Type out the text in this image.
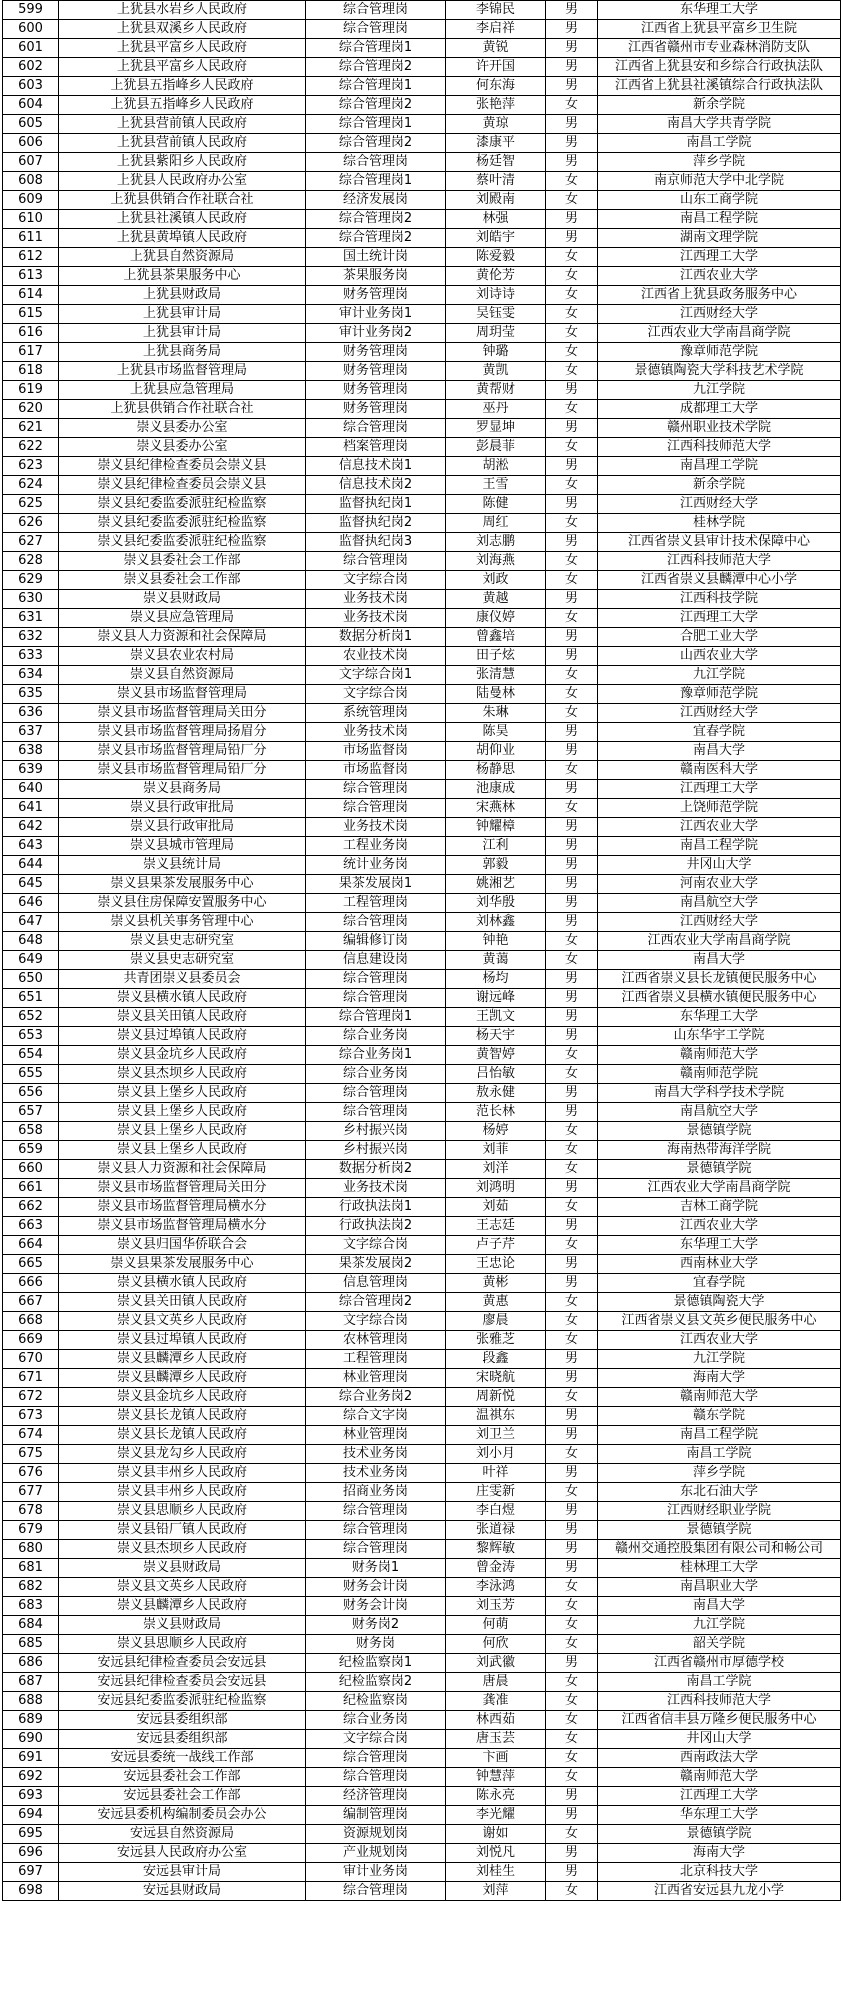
599	上犹县水岩乡人民政府	综合管理岗	李锦民	男	东华理工大学
600	上犹县双溪乡人民政府	综合管理岗	李启祥	男	江西省上犹县平富乡卫生院
601	上犹县平富乡人民政府	综合管理岗1	黄锐	男	江西省赣州市专业森林消防支队
602	上犹县平富乡人民政府	综合管理岗2	许开国	男	江西省上犹县安和乡综合行政执法队
603	上犹县五指峰乡人民政府	综合管理岗1	何东海	男	江西省上犹县社溪镇综合行政执法队
604	上犹县五指峰乡人民政府	综合管理岗2	张艳萍	女	新余学院
605	上犹县营前镇人民政府	综合管理岗1	黄琼	男	南昌大学共青学院
606	上犹县营前镇人民政府	综合管理岗2	漆康平	男	南昌工学院
607	上犹县紫阳乡人民政府	综合管理岗	杨廷智	男	萍乡学院
608	上犹县人民政府办公室	综合管理岗1	蔡叶清	女	南京师范大学中北学院
609	上犹县供销合作社联合社	经济发展岗	刘殿南	女	山东工商学院
610	上犹县社溪镇人民政府	综合管理岗2	林强	男	南昌工程学院
611	上犹县黄埠镇人民政府	综合管理岗2	刘皓宇	男	湖南文理学院
612	上犹县自然资源局	国土统计岗	陈爱毅	女	江西理工大学
613	上犹县茶果服务中心	茶果服务岗	黄伦芳	女	江西农业大学
614	上犹县财政局	财务管理岗	刘诗诗	女	江西省上犹县政务服务中心
615	上犹县审计局	审计业务岗1	吴钰雯	女	江西财经大学
616	上犹县审计局	审计业务岗2	周玥莹	女	江西农业大学南昌商学院
617	上犹县商务局	财务管理岗	钟璐	女	豫章师范学院
618	上犹县市场监督管理局	财务管理岗	黄凯	女	景德镇陶瓷大学科技艺术学院
619	上犹县应急管理局	财务管理岗	黄帮财	男	九江学院
620	上犹县供销合作社联合社	财务管理岗	巫丹	女	成都理工大学
621	崇义县委办公室	综合管理岗	罗显坤	男	赣州职业技术学院
622	崇义县委办公室	档案管理岗	彭晨菲	女	江西科技师范大学
623	崇义县纪律检查委员会崇义县	信息技术岗1	胡淞	男	南昌理工学院
624	崇义县纪律检查委员会崇义县	信息技术岗2	王雪	女	新余学院
625	崇义县纪委监委派驻纪检监察	监督执纪岗1	陈健	男	江西财经大学
626	崇义县纪委监委派驻纪检监察	监督执纪岗2	周红	女	桂林学院
627	崇义县纪委监委派驻纪检监察	监督执纪岗3	刘志鹏	男	江西省崇义县审计技术保障中心
628	崇义县委社会工作部	综合管理岗	刘海燕	女	江西科技师范大学
629	崇义县委社会工作部	文字综合岗	刘政	女	江西省崇义县麟潭中心小学
630	崇义县财政局	业务技术岗	黄越	男	江西科技学院
631	崇义县应急管理局	业务技术岗	康仪婷	女	江西理工大学
632	崇义县人力资源和社会保障局	数据分析岗1	曾鑫培	男	合肥工业大学
633	崇义县农业农村局	农业技术岗	田子炫	男	山西农业大学
634	崇义县自然资源局	文字综合岗1	张清慧	女	九江学院
635	崇义县市场监督管理局	文字综合岗	陆曼林	女	豫章师范学院
636	崇义县市场监督管理局关田分	系统管理岗	朱琳	女	江西财经大学
637	崇义县市场监督管理局扬眉分	业务技术岗	陈昊	男	宜春学院
638	崇义县市场监督管理局铅厂分	市场监督岗	胡仰业	男	南昌大学
639	崇义县市场监督管理局铅厂分	市场监督岗	杨静思	女	赣南医科大学
640	崇义县商务局	综合管理岗	池康成	男	江西理工大学
641	崇义县行政审批局	综合管理岗	宋燕林	女	上饶师范学院
642	崇义县行政审批局	业务技术岗	钟耀樟	男	江西农业大学
643	崇义县城市管理局	工程业务岗	江利	男	南昌工程学院
644	崇义县统计局	统计业务岗	郭毅	男	井冈山大学
645	崇义县果茶发展服务中心	果茶发展岗1	姚湘艺	男	河南农业大学
646	崇义县住房保障安置服务中心	工程管理岗	刘华殷	男	南昌航空大学
647	崇义县机关事务管理中心	综合管理岗	刘林鑫	男	江西财经大学
648	崇义县史志研究室	编辑修订岗	钟艳	女	江西农业大学南昌商学院
649	崇义县史志研究室	信息建设岗	黄蔼	女	南昌大学
650	共青团崇义县委员会	综合管理岗	杨均	男	江西省崇义县长龙镇便民服务中心
651	崇义县横水镇人民政府	综合管理岗	谢远峰	男	江西省崇义县横水镇便民服务中心
652	崇义县关田镇人民政府	综合管理岗1	王凯文	男	东华理工大学
653	崇义县过埠镇人民政府	综合业务岗	杨天宇	男	山东华宇工学院
654	崇义县金坑乡人民政府	综合业务岗1	黄智婷	女	赣南师范大学
655	崇义县杰坝乡人民政府	综合业务岗	吕怡敏	女	赣南师范学院
656	崇义县上堡乡人民政府	综合管理岗	敖永健	男	南昌大学科学技术学院
657	崇义县上堡乡人民政府	综合管理岗	范长林	男	南昌航空大学
658	崇义县上堡乡人民政府	乡村振兴岗	杨婷	女	景德镇学院
659	崇义县上堡乡人民政府	乡村振兴岗	刘菲	女	海南热带海洋学院
660	崇义县人力资源和社会保障局	数据分析岗2	刘洋	女	景德镇学院
661	崇义县市场监督管理局关田分	业务技术岗	刘鸿明	男	江西农业大学南昌商学院
662	崇义县市场监督管理局横水分	行政执法岗1	刘茹	女	吉林工商学院
663	崇义县市场监督管理局横水分	行政执法岗2	王志廷	男	江西农业大学
664	崇义县归国华侨联合会	文字综合岗	卢子芹	女	东华理工大学
665	崇义县果茶发展服务中心	果茶发展岗2	王忠论	男	西南林业大学
666	崇义县横水镇人民政府	信息管理岗	黄彬	男	宜春学院
667	崇义县关田镇人民政府	综合管理岗2	黄惠	女	景德镇陶瓷大学
668	崇义县文英乡人民政府	文字综合岗	廖晨	女	江西省崇义县文英乡便民服务中心
669	崇义县过埠镇人民政府	农林管理岗	张雅芝	女	江西农业大学
670	崇义县麟潭乡人民政府	工程管理岗	段鑫	男	九江学院
671	崇义县麟潭乡人民政府	林业管理岗	宋晓航	男	海南大学
672	崇义县金坑乡人民政府	综合业务岗2	周新悦	女	赣南师范大学
673	崇义县长龙镇人民政府	综合文字岗	温祺东	男	赣东学院
674	崇义县长龙镇人民政府	林业管理岗	刘卫兰	男	南昌工程学院
675	崇义县龙勾乡人民政府	技术业务岗	刘小月	女	南昌工学院
676	崇义县丰州乡人民政府	技术业务岗	叶祥	男	萍乡学院
677	崇义县丰州乡人民政府	招商业务岗	庄雯新	女	东北石油大学
678	崇义县思顺乡人民政府	综合管理岗	李白煜	男	江西财经职业学院
679	崇义县铅厂镇人民政府	综合管理岗	张道禄	男	景德镇学院
680	崇义县杰坝乡人民政府	综合管理岗	黎辉敏	男	赣州交通控股集团有限公司和畅公司
681	崇义县财政局	财务岗1	曾金涛	男	桂林理工大学
682	崇义县文英乡人民政府	财务会计岗	李泳鸿	女	南昌职业大学
683	崇义县麟潭乡人民政府	财务会计岗	刘玉芳	女	南昌大学
684	崇义县财政局	财务岗2	何萌	女	九江学院
685	崇义县思顺乡人民政府	财务岗	何欣	女	韶关学院
686	安远县纪律检查委员会安远县	纪检监察岗1	刘武徽	男	江西省赣州市厚德学校
687	安远县纪律检查委员会安远县	纪检监察岗2	唐晨	女	南昌工学院
688	安远县纪委监委派驻纪检监察	纪检监察岗	龚准	女	江西科技师范大学
689	安远县委组织部	综合业务岗	林西茹	女	江西省信丰县万隆乡便民服务中心
690	安远县委组织部	文字综合岗	唐玉芸	女	井冈山大学
691	安远县委统一战线工作部	综合管理岗	卞画	女	西南政法大学
692	安远县委社会工作部	综合管理岗	钟慧萍	女	赣南师范大学
693	安远县委社会工作部	经济管理岗	陈永亮	男	江西理工大学
694	安远县委机构编制委员会办公	编制管理岗	李光耀	男	华东理工大学
695	安远县自然资源局	资源规划岗	谢如	女	景德镇学院
696	安远县人民政府办公室	产业规划岗	刘悦凡	男	海南大学
697	安远县审计局	审计业务岗	刘桂生	男	北京科技大学
698	安远县财政局	综合管理岗	刘萍	女	江西省安远县九龙小学
